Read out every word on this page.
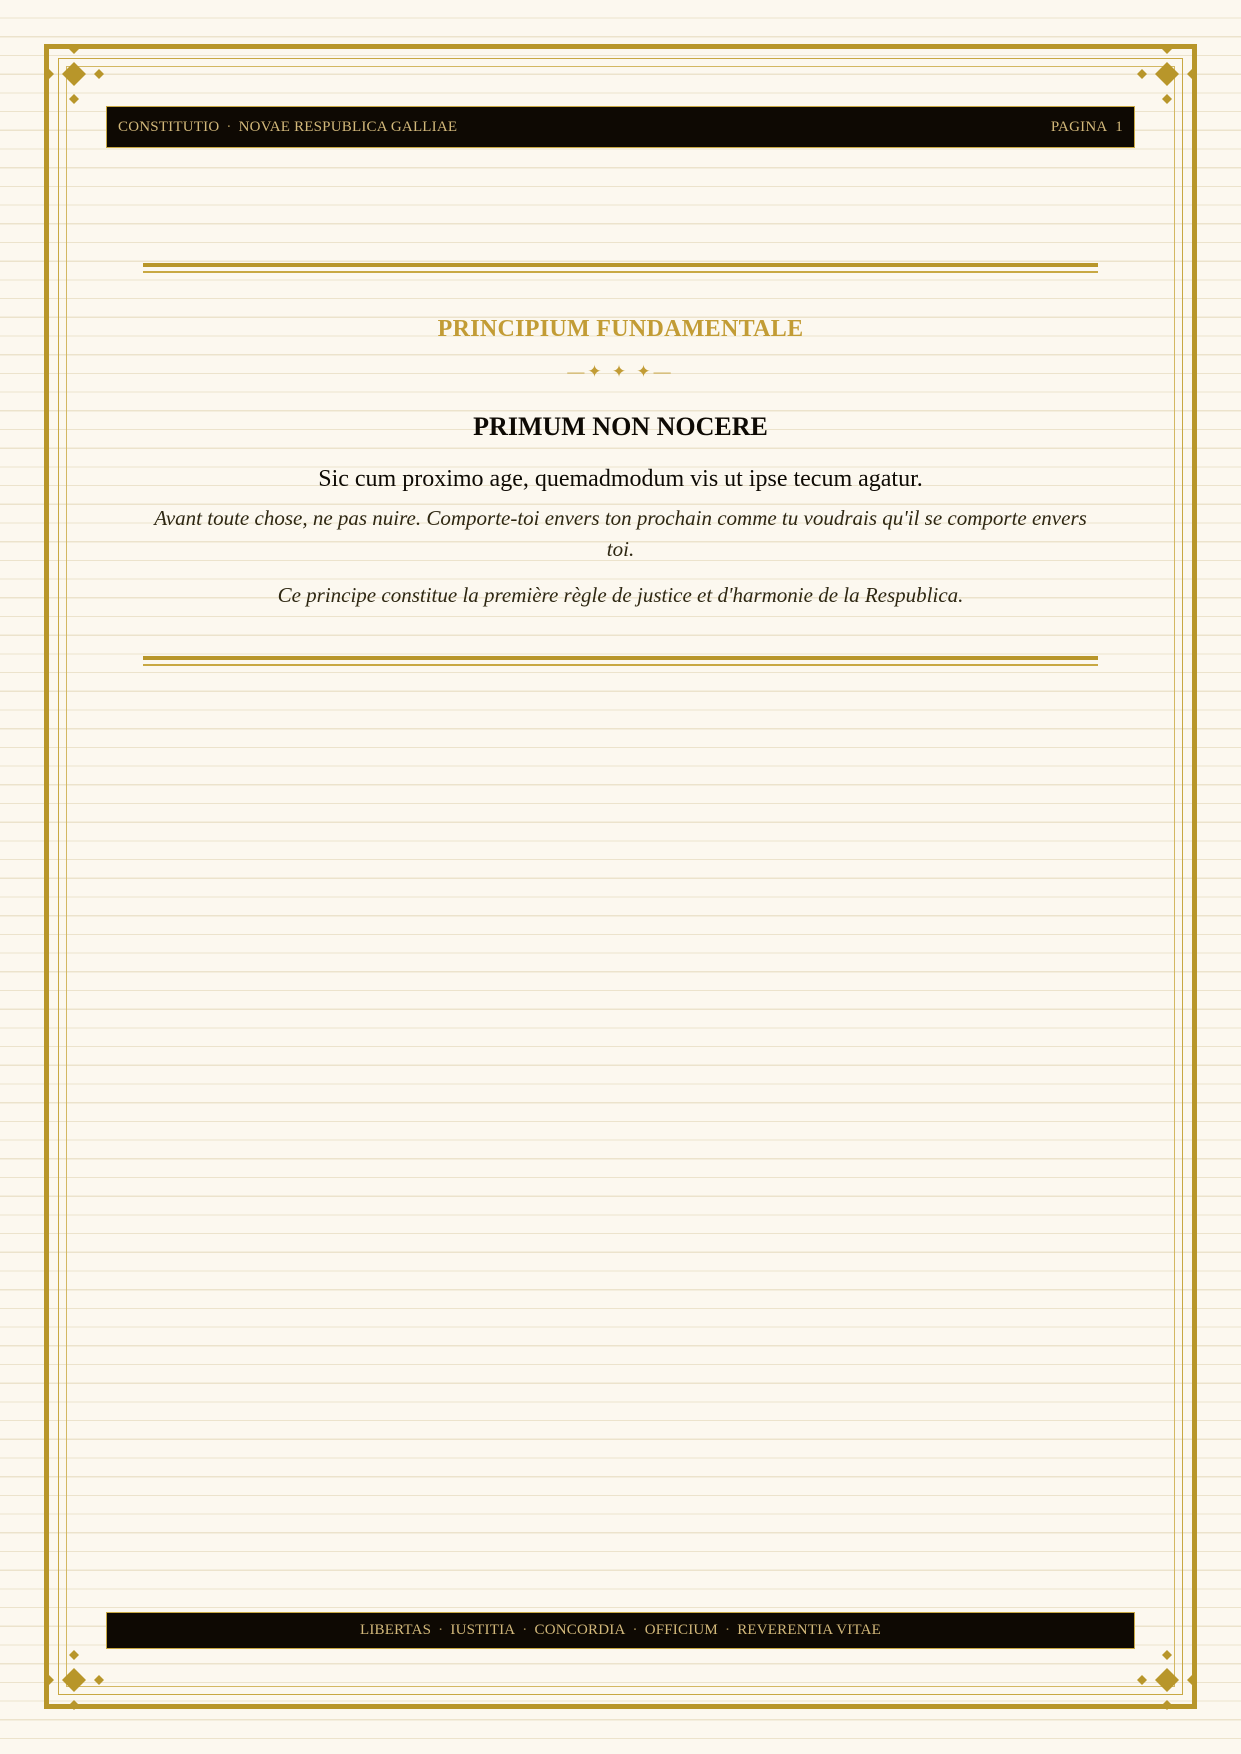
CONSTITUTIO · NOVAE RESPUBLICA GALLIAE	PAGINA 1
PRINCIPIUM FUNDAMENTALE
—✦ ✦ ✦—
PRIMUM NON NOCERE
Sic cum proximo age, quemadmodum vis ut ipse tecum agatur.
Avant toute chose, ne pas nuire. Comporte-toi envers ton prochain comme tu voudrais qu'il se comporte envers toi.
Ce principe constitue la première règle de justice et d'harmonie de la Respublica.
LIBERTAS · IUSTITIA · CONCORDIA · OFFICIUM · REVERENTIA VITAE
